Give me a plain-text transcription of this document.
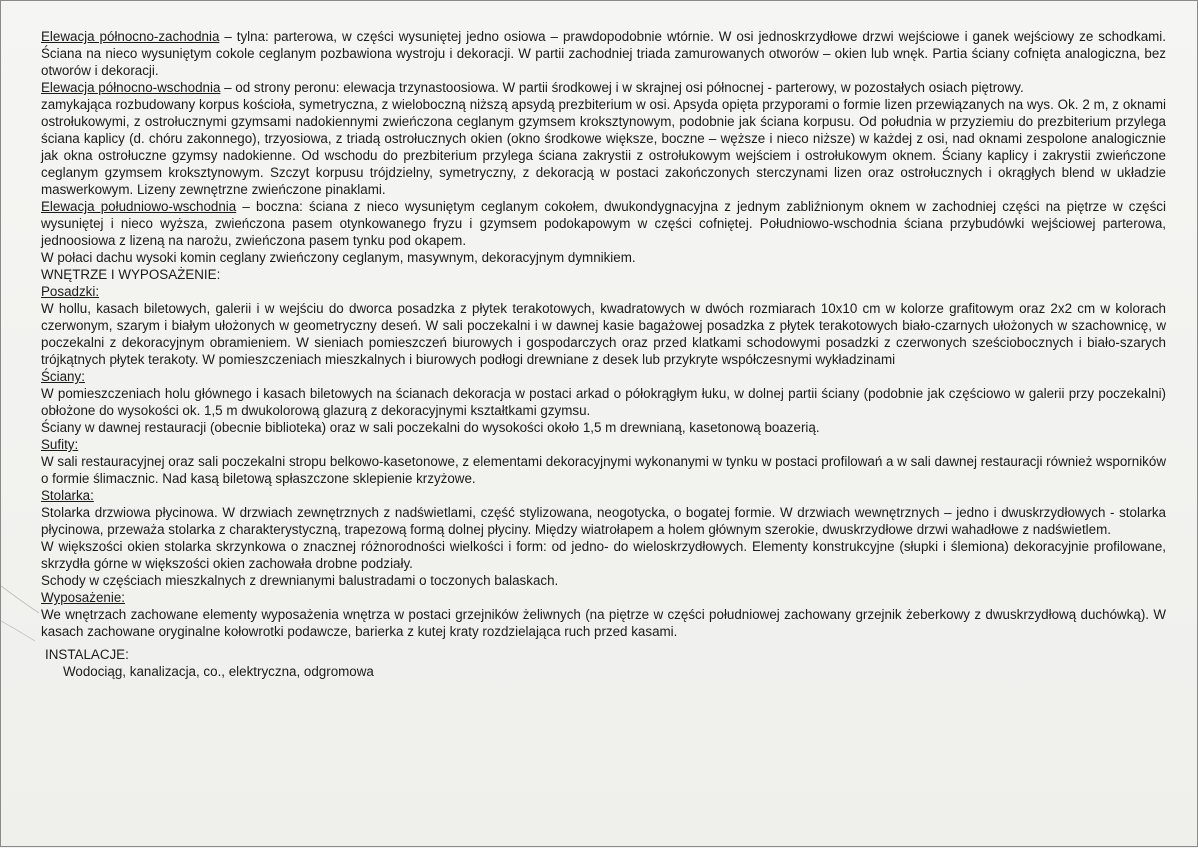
Elewacja północno-zachodnia – tylna: parterowa, w części wysuniętej jedno osiowa – prawdopodobnie wtórnie. W osi jednoskrzydłowe drzwi wejściowe i ganek wejściowy ze schodkami. Ściana na nieco wysuniętym cokole ceglanym pozbawiona wystroju i dekoracji. W partii zachodniej triada zamurowanych otworów – okien lub wnęk. Partia ściany cofnięta analogiczna, bez otworów i dekoracji.

Elewacja północno-wschodnia – od strony peronu: elewacja trzynastoosiowa. W partii środkowej i w skrajnej osi północnej - parterowy, w pozostałych osiach piętrowy.

zamykająca rozbudowany korpus kościoła, symetryczna, z wieloboczną niższą apsydą prezbiterium w osi. Apsyda opięta przyporami o formie lizen przewiązanych na wys. Ok. 2 m, z oknami ostrołukowymi, z ostrołucznymi gzymsami nadokiennymi zwieńczona ceglanym gzymsem kroksztynowym, podobnie jak ściana korpusu. Od południa w przyziemiu do prezbiterium przylega ściana kaplicy (d. chóru zakonnego), trzyosiowa, z triadą ostrołucznych okien (okno środkowe większe, boczne – węższe i nieco niższe) w każdej z osi, nad oknami zespolone analogicznie jak okna ostrołuczne gzymsy nadokienne. Od wschodu do prezbiterium przylega ściana zakrystii z ostrołukowym wejściem i ostrołukowym oknem. Ściany kaplicy i zakrystii zwieńczone ceglanym gzymsem kroksztynowym. Szczyt korpusu trójdzielny, symetryczny, z dekoracją w postaci zakończonych sterczynami lizen oraz ostrołucznych i okrągłych blend w układzie maswerkowym. Lizeny zewnętrzne zwieńczone pinaklami.

Elewacja południowo-wschodnia – boczna: ściana z nieco wysuniętym ceglanym cokołem, dwukondygnacyjna z jednym zabliźnionym oknem w zachodniej części na piętrze w części wysuniętej i nieco wyższa, zwieńczona pasem otynkowanego fryzu i gzymsem podokapowym w części cofniętej. Południowo-wschodnia ściana przybudówki wejściowej parterowa, jednoosiowa z lizeną na narożu, zwieńczona pasem tynku pod okapem.

W połaci dachu wysoki komin ceglany zwieńczony ceglanym, masywnym, dekoracyjnym dymnikiem.

WNĘTRZE I WYPOSAŻENIE:
Posadzki:

W hollu, kasach biletowych, galerii i w wejściu do dworca posadzka z płytek terakotowych, kwadratowych w dwóch rozmiarach 10x10 cm w kolorze grafitowym oraz 2x2 cm w kolorach czerwonym, szarym i białym ułożonych w geometryczny deseń. W sali poczekalni i w dawnej kasie bagażowej posadzka z płytek terakotowych biało-czarnych ułożonych w szachownicę, w poczekalni z dekoracyjnym obramieniem. W sieniach pomieszczeń biurowych i gospodarczych oraz przed klatkami schodowymi posadzki z czerwonych sześciobocznych i biało-szarych trójkątnych płytek terakoty. W pomieszczeniach mieszkalnych i biurowych podłogi drewniane z desek lub przykryte współczesnymi wykładzinami

Ściany:

W pomieszczeniach holu głównego i kasach biletowych na ścianach dekoracja w postaci arkad o półokrągłym łuku, w dolnej partii ściany (podobnie jak częściowo w galerii przy poczekalni) obłożone do wysokości ok. 1,5 m dwukolorową glazurą z dekoracyjnymi kształtkami gzymsu.

Ściany w dawnej restauracji (obecnie biblioteka) oraz w sali poczekalni do wysokości około 1,5 m drewnianą, kasetonową boazerią.

Sufity:

W sali restauracyjnej oraz sali poczekalni stropu belkowo-kasetonowe, z elementami dekoracyjnymi wykonanymi w tynku w postaci profilowań a w sali dawnej restauracji również wsporników o formie ślimacznic. Nad kasą biletową spłaszczone sklepienie krzyżowe.

Stolarka:

Stolarka drzwiowa płycinowa. W drzwiach zewnętrznych z nadświetlami, część stylizowana, neogotycka, o bogatej formie. W drzwiach wewnętrznych – jedno i dwuskrzydłowych - stolarka płycinowa, przeważa stolarka z charakterystyczną, trapezową formą dolnej płyciny. Między wiatrołapem a holem głównym szerokie, dwuskrzydłowe drzwi wahadłowe z nadświetlem.

W większości okien stolarka skrzynkowa o znacznej różnorodności wielkości i form: od jedno- do wieloskrzydłowych. Elementy konstrukcyjne (słupki i ślemiona) dekoracyjnie profilowane, skrzydła górne w większości okien zachowała drobne podziały.

Schody w częściach mieszkalnych z drewnianymi balustradami o toczonych balaskach.

Wyposażenie:

We wnętrzach zachowane elementy wyposażenia wnętrza w postaci grzejników żeliwnych (na piętrze w części południowej zachowany grzejnik żeberkowy z dwuskrzydłową duchówką). W kasach zachowane oryginalne kołowrotki podawcze, barierka z kutej kraty rozdzielająca ruch przed kasami.

INSTALACJE:
Wodociąg, kanalizacja, co., elektryczna, odgromowa
